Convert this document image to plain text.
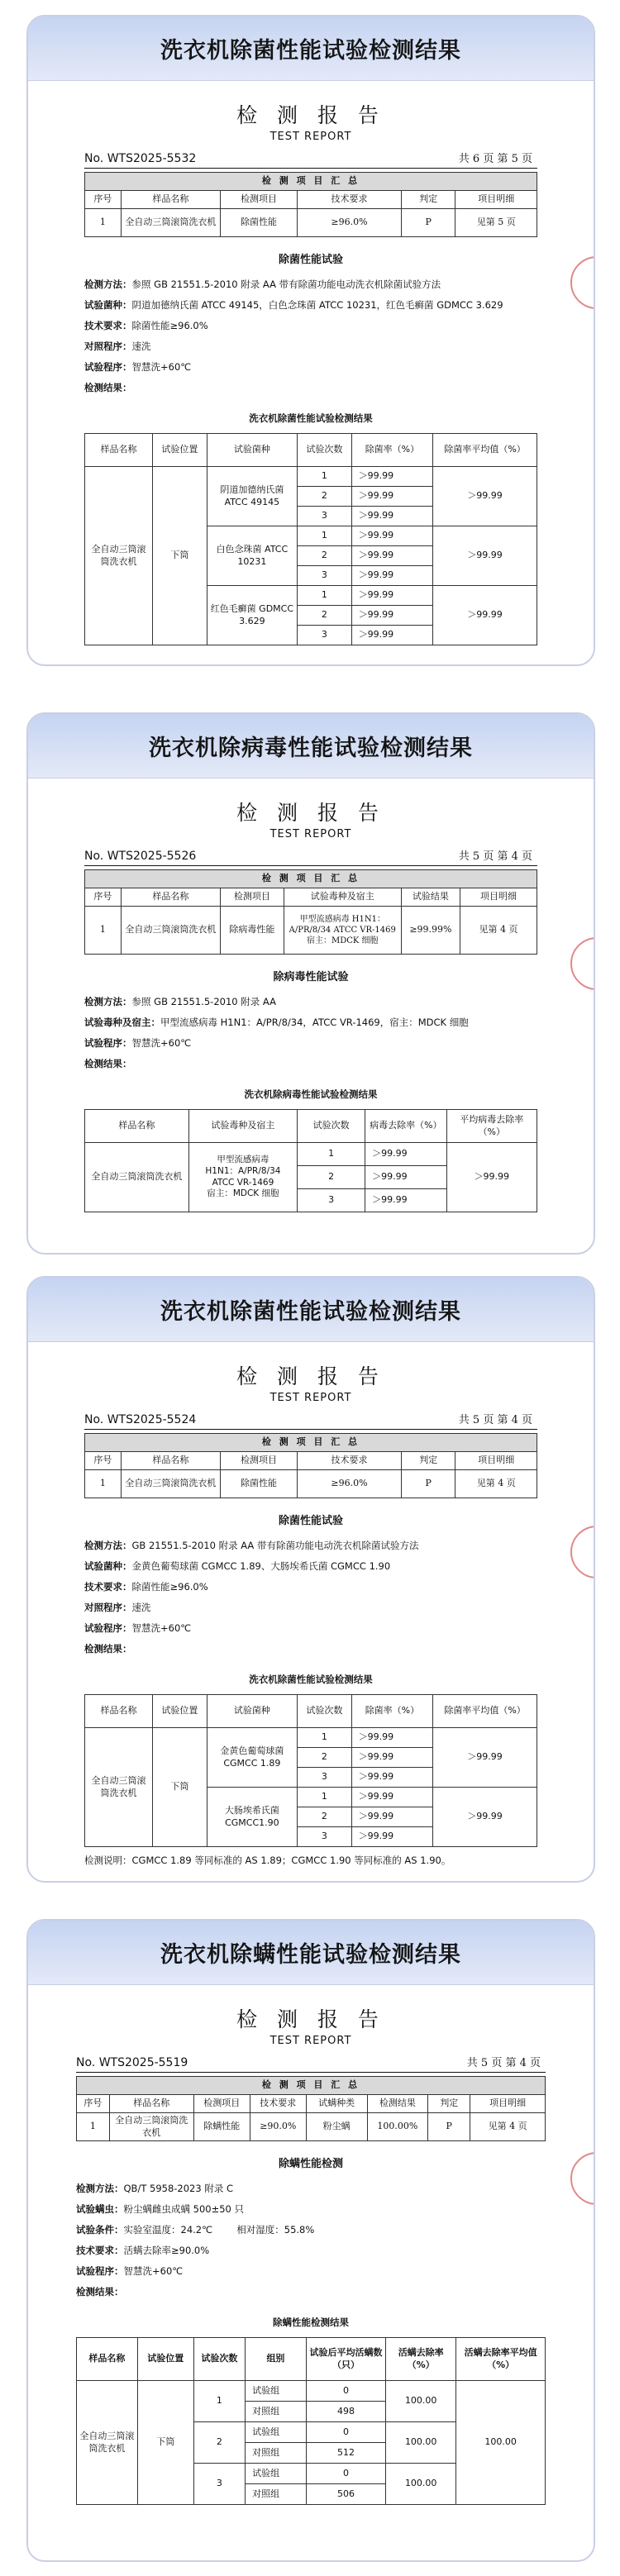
洗衣机除菌性能试验检测结果
检 测 报 告
TEST REPORT
No. WTS2025-5532	共 6 页 第 5 页
检 测 项 目 汇 总					
序号	样品名称	检测项目	技术要求	判定	项目明细
1	全自动三筒滚筒洗衣机	除菌性能	≥96.0%	P	见第 5 页
除菌性能试验

检测方法：参照 GB 21551.5-2010 附录 AA 带有除菌功能电动洗衣机除菌试验方法

试验菌种：阴道加德纳氏菌 ATCC 49145，白色念珠菌 ATCC 10231，红色毛癣菌 GDMCC 3.629

技术要求：除菌性能≥96.0%

对照程序：速洗

试验程序：智慧洗+60℃

检测结果：

洗衣机除菌性能试验检测结果
样品名称	试验位置	试验菌种	试验次数	除菌率（%）	除菌率平均值（%）
全自动三筒滚筒洗衣机	下筒	阴道加德纳氏菌 ATCC 49145	1	＞99.99	＞99.99
			2	＞99.99	
			3	＞99.99	
		白色念珠菌 ATCC 10231	1	＞99.99	＞99.99
			2	＞99.99	
			3	＞99.99	
		红色毛癣菌 GDMCC 3.629	1	＞99.99	＞99.99
			2	＞99.99	
			3	＞99.99	
洗衣机除病毒性能试验检测结果
检 测 报 告
TEST REPORT
No. WTS2025-5526	共 5 页 第 4 页
检 测 项 目 汇 总					
序号	样品名称	检测项目	试验毒种及宿主	试验结果	项目明细
1	全自动三筒滚筒洗衣机	除病毒性能	甲型流感病毒 H1N1：A/PR/8/34 ATCC VR-1469 宿主：MDCK 细胞	≥99.99%	见第 4 页
除病毒性能试验

检测方法：参照 GB 21551.5-2010 附录 AA

试验毒种及宿主：甲型流感病毒 H1N1：A/PR/8/34，ATCC VR-1469，宿主：MDCK 细胞

试验程序：智慧洗+60℃

检测结果：

洗衣机除病毒性能试验检测结果
样品名称	试验毒种及宿主	试验次数	病毒去除率（%）	平均病毒去除率（%）
全自动三筒滚筒洗衣机	甲型流感病毒
H1N1：A/PR/8/34
ATCC VR-1469
宿主：MDCK 细胞	1	＞99.99	＞99.99
		2	＞99.99	
		3	＞99.99	
洗衣机除菌性能试验检测结果
检 测 报 告
TEST REPORT
No. WTS2025-5524	共 5 页 第 4 页
检 测 项 目 汇 总					
序号	样品名称	检测项目	技术要求	判定	项目明细
1	全自动三筒滚筒洗衣机	除菌性能	≥96.0%	P	见第 4 页
除菌性能试验

检测方法：GB 21551.5-2010 附录 AA 带有除菌功能电动洗衣机除菌试验方法

试验菌种：金黄色葡萄球菌 CGMCC 1.89、大肠埃希氏菌 CGMCC 1.90

技术要求：除菌性能≥96.0%

对照程序：速洗

试验程序：智慧洗+60℃

检测结果：

洗衣机除菌性能试验检测结果
样品名称	试验位置	试验菌种	试验次数	除菌率（%）	除菌率平均值（%）
全自动三筒滚筒洗衣机	下筒	金黄色葡萄球菌 CGMCC 1.89	1	＞99.99	＞99.99
			2	＞99.99	
			3	＞99.99	
		大肠埃希氏菌 CGMCC1.90	1	＞99.99	＞99.99
			2	＞99.99	
			3	＞99.99	
检测说明：CGMCC 1.89 等同标准的 AS 1.89；CGMCC 1.90 等同标准的 AS 1.90。
洗衣机除螨性能试验检测结果
检 测 报 告
TEST REPORT
No. WTS2025-5519	共 5 页 第 4 页
检 测 项 目 汇 总							
序号	样品名称	检测项目	技术要求	试螨种类	检测结果	判定	项目明细
1	全自动三筒滚筒洗衣机	除螨性能	≥90.0%	粉尘螨	100.00%	P	见第 4 页
除螨性能检测

检测方法：QB/T 5958-2023 附录 C

试验螨虫：粉尘螨雌虫成螨 500±50 只

试验条件：实验室温度：24.2℃        相对湿度：55.8%

技术要求：活螨去除率≥90.0%

试验程序：智慧洗+60℃

检测结果：

除螨性能检测结果
样品名称	试验位置	试验次数	组别	试验后平均活螨数（只）	活螨去除率（%）	活螨去除率平均值（%）
全自动三筒滚筒洗衣机	下筒	1	试验组	0	100.00	100.00
			对照组	498		
		2	试验组	0	100.00	
			对照组	512		
		3	试验组	0	100.00	
			对照组	506		
